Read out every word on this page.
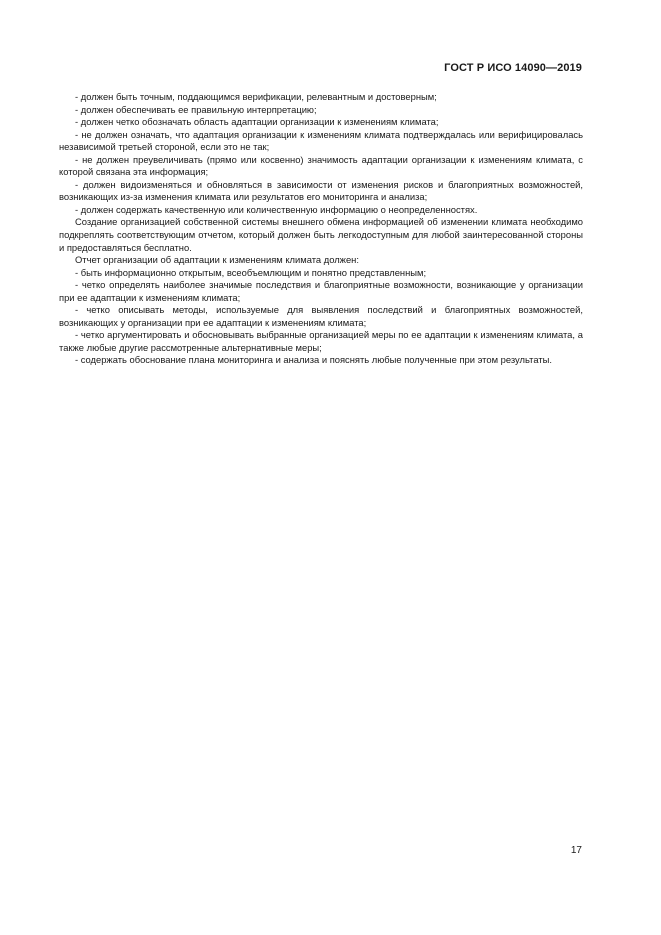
ГОСТ Р ИСО 14090—2019

- должен быть точным, поддающимся верификации, релевантным и достоверным;

- должен обеспечивать ее правильную интерпретацию;

- должен четко обозначать область адаптации организации к изменениям климата;

- не должен означать, что адаптация организации к изменениям климата подтверждалась или верифицировалась независимой третьей стороной, если это не так;

- не должен преувеличивать (прямо или косвенно) значимость адаптации организации к изменениям климата, с которой связана эта информация;

- должен видоизменяться и обновляться в зависимости от изменения рисков и благоприятных возможностей, возникающих из-за изменения климата или результатов его мониторинга и анализа;

- должен содержать качественную или количественную информацию о неопределенностях.

Создание организацией собственной системы внешнего обмена информацией об изменении климата необходимо подкреплять соответствующим отчетом, который должен быть легкодоступным для любой заинтересованной стороны и предоставляться бесплатно.

Отчет организации об адаптации к изменениям климата должен:

- быть информационно открытым, всеобъемлющим и понятно представленным;

- четко определять наиболее значимые последствия и благоприятные возможности, возникающие у организации при ее адаптации к изменениям климата;

- четко описывать методы, используемые для выявления последствий и благоприятных возможностей, возникающих у организации при ее адаптации к изменениям климата;

- четко аргументировать и обосновывать выбранные организацией меры по ее адаптации к изменениям климата, а также любые другие рассмотренные альтернативные меры;

- содержать обоснование плана мониторинга и анализа и пояснять любые полученные при этом результаты.

17
